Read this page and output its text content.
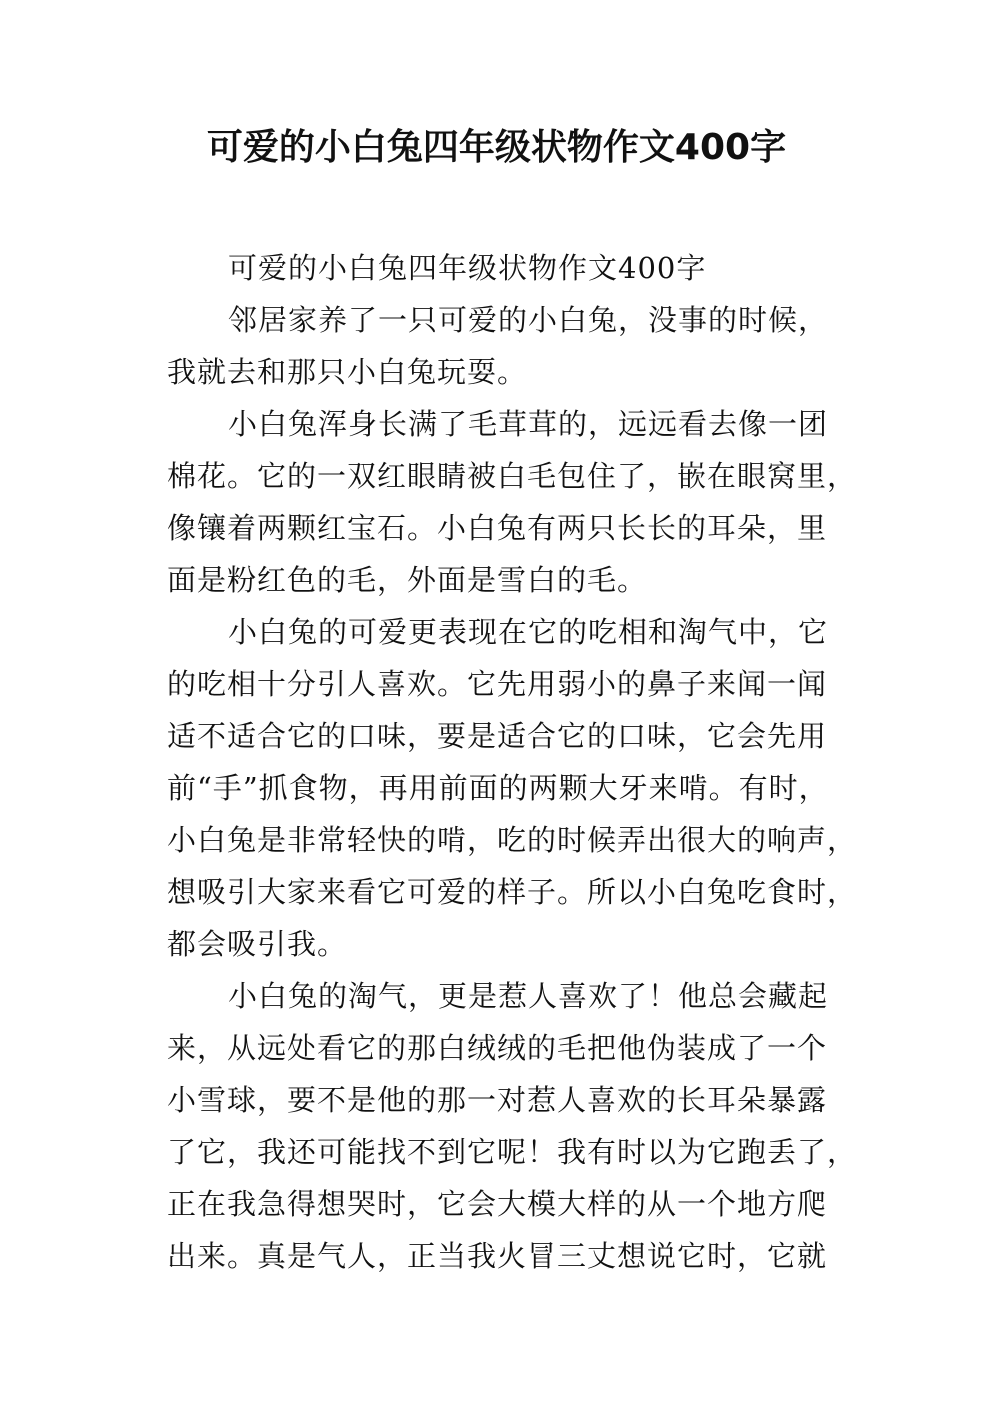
可爱的小白兔四年级状物作文400字
可爱的小白兔四年级状物作文400字
邻居家养了一只可爱的小白兔，没事的时候，
我就去和那只小白兔玩耍。
小白兔浑身长满了毛茸茸的，远远看去像一团
棉花。它的一双红眼睛被白毛包住了，嵌在眼窝里，
像镶着两颗红宝石。小白兔有两只长长的耳朵，里
面是粉红色的毛，外面是雪白的毛。
小白兔的可爱更表现在它的吃相和淘气中，它
的吃相十分引人喜欢。它先用弱小的鼻子来闻一闻
适不适合它的口味，要是适合它的口味，它会先用
前“手”抓食物，再用前面的两颗大牙来啃。有时，
小白兔是非常轻快的啃，吃的时候弄出很大的响声，
想吸引大家来看它可爱的样子。所以小白兔吃食时，
都会吸引我。
小白兔的淘气，更是惹人喜欢了！他总会藏起
来，从远处看它的那白绒绒的毛把他伪装成了一个
小雪球，要不是他的那一对惹人喜欢的长耳朵暴露
了它，我还可能找不到它呢！我有时以为它跑丢了，
正在我急得想哭时，它会大模大样的从一个地方爬
出来。真是气人，正当我火冒三丈想说它时，它就
